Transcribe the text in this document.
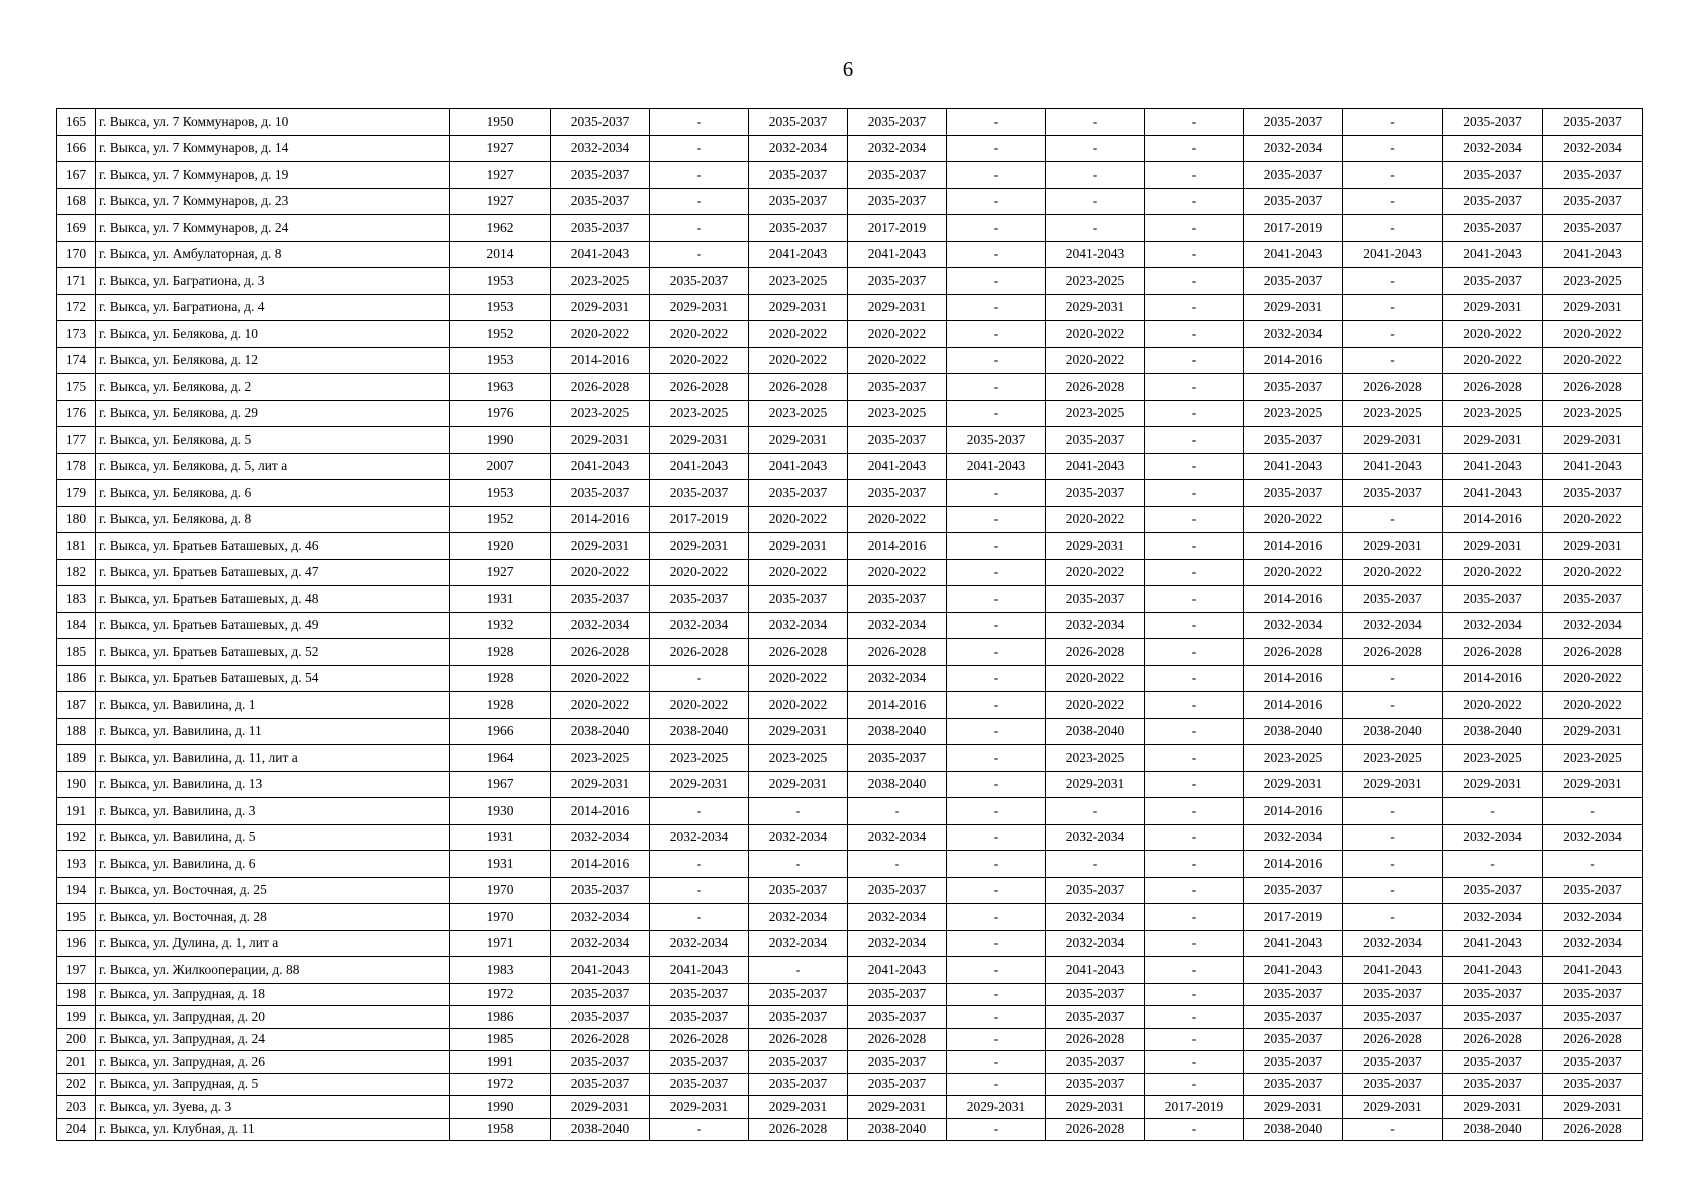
6
165	г. Выкса, ул. 7 Коммунаров, д. 10	1950	2035-2037	-	2035-2037	2035-2037	-	-	-	2035-2037	-	2035-2037	2035-2037
166	г. Выкса, ул. 7 Коммунаров, д. 14	1927	2032-2034	-	2032-2034	2032-2034	-	-	-	2032-2034	-	2032-2034	2032-2034
167	г. Выкса, ул. 7 Коммунаров, д. 19	1927	2035-2037	-	2035-2037	2035-2037	-	-	-	2035-2037	-	2035-2037	2035-2037
168	г. Выкса, ул. 7 Коммунаров, д. 23	1927	2035-2037	-	2035-2037	2035-2037	-	-	-	2035-2037	-	2035-2037	2035-2037
169	г. Выкса, ул. 7 Коммунаров, д. 24	1962	2035-2037	-	2035-2037	2017-2019	-	-	-	2017-2019	-	2035-2037	2035-2037
170	г. Выкса, ул. Амбулаторная, д. 8	2014	2041-2043	-	2041-2043	2041-2043	-	2041-2043	-	2041-2043	2041-2043	2041-2043	2041-2043
171	г. Выкса, ул. Багратиона, д. 3	1953	2023-2025	2035-2037	2023-2025	2035-2037	-	2023-2025	-	2035-2037	-	2035-2037	2023-2025
172	г. Выкса, ул. Багратиона, д. 4	1953	2029-2031	2029-2031	2029-2031	2029-2031	-	2029-2031	-	2029-2031	-	2029-2031	2029-2031
173	г. Выкса, ул. Белякова, д. 10	1952	2020-2022	2020-2022	2020-2022	2020-2022	-	2020-2022	-	2032-2034	-	2020-2022	2020-2022
174	г. Выкса, ул. Белякова, д. 12	1953	2014-2016	2020-2022	2020-2022	2020-2022	-	2020-2022	-	2014-2016	-	2020-2022	2020-2022
175	г. Выкса, ул. Белякова, д. 2	1963	2026-2028	2026-2028	2026-2028	2035-2037	-	2026-2028	-	2035-2037	2026-2028	2026-2028	2026-2028
176	г. Выкса, ул. Белякова, д. 29	1976	2023-2025	2023-2025	2023-2025	2023-2025	-	2023-2025	-	2023-2025	2023-2025	2023-2025	2023-2025
177	г. Выкса, ул. Белякова, д. 5	1990	2029-2031	2029-2031	2029-2031	2035-2037	2035-2037	2035-2037	-	2035-2037	2029-2031	2029-2031	2029-2031
178	г. Выкса, ул. Белякова, д. 5, лит а	2007	2041-2043	2041-2043	2041-2043	2041-2043	2041-2043	2041-2043	-	2041-2043	2041-2043	2041-2043	2041-2043
179	г. Выкса, ул. Белякова, д. 6	1953	2035-2037	2035-2037	2035-2037	2035-2037	-	2035-2037	-	2035-2037	2035-2037	2041-2043	2035-2037
180	г. Выкса, ул. Белякова, д. 8	1952	2014-2016	2017-2019	2020-2022	2020-2022	-	2020-2022	-	2020-2022	-	2014-2016	2020-2022
181	г. Выкса, ул. Братьев Баташевых, д. 46	1920	2029-2031	2029-2031	2029-2031	2014-2016	-	2029-2031	-	2014-2016	2029-2031	2029-2031	2029-2031
182	г. Выкса, ул. Братьев Баташевых, д. 47	1927	2020-2022	2020-2022	2020-2022	2020-2022	-	2020-2022	-	2020-2022	2020-2022	2020-2022	2020-2022
183	г. Выкса, ул. Братьев Баташевых, д. 48	1931	2035-2037	2035-2037	2035-2037	2035-2037	-	2035-2037	-	2014-2016	2035-2037	2035-2037	2035-2037
184	г. Выкса, ул. Братьев Баташевых, д. 49	1932	2032-2034	2032-2034	2032-2034	2032-2034	-	2032-2034	-	2032-2034	2032-2034	2032-2034	2032-2034
185	г. Выкса, ул. Братьев Баташевых, д. 52	1928	2026-2028	2026-2028	2026-2028	2026-2028	-	2026-2028	-	2026-2028	2026-2028	2026-2028	2026-2028
186	г. Выкса, ул. Братьев Баташевых, д. 54	1928	2020-2022	-	2020-2022	2032-2034	-	2020-2022	-	2014-2016	-	2014-2016	2020-2022
187	г. Выкса, ул. Вавилина, д. 1	1928	2020-2022	2020-2022	2020-2022	2014-2016	-	2020-2022	-	2014-2016	-	2020-2022	2020-2022
188	г. Выкса, ул. Вавилина, д. 11	1966	2038-2040	2038-2040	2029-2031	2038-2040	-	2038-2040	-	2038-2040	2038-2040	2038-2040	2029-2031
189	г. Выкса, ул. Вавилина, д. 11, лит а	1964	2023-2025	2023-2025	2023-2025	2035-2037	-	2023-2025	-	2023-2025	2023-2025	2023-2025	2023-2025
190	г. Выкса, ул. Вавилина, д. 13	1967	2029-2031	2029-2031	2029-2031	2038-2040	-	2029-2031	-	2029-2031	2029-2031	2029-2031	2029-2031
191	г. Выкса, ул. Вавилина, д. 3	1930	2014-2016	-	-	-	-	-	-	2014-2016	-	-	-
192	г. Выкса, ул. Вавилина, д. 5	1931	2032-2034	2032-2034	2032-2034	2032-2034	-	2032-2034	-	2032-2034	-	2032-2034	2032-2034
193	г. Выкса, ул. Вавилина, д. 6	1931	2014-2016	-	-	-	-	-	-	2014-2016	-	-	-
194	г. Выкса, ул. Восточная, д. 25	1970	2035-2037	-	2035-2037	2035-2037	-	2035-2037	-	2035-2037	-	2035-2037	2035-2037
195	г. Выкса, ул. Восточная, д. 28	1970	2032-2034	-	2032-2034	2032-2034	-	2032-2034	-	2017-2019	-	2032-2034	2032-2034
196	г. Выкса, ул. Дулина, д. 1, лит а	1971	2032-2034	2032-2034	2032-2034	2032-2034	-	2032-2034	-	2041-2043	2032-2034	2041-2043	2032-2034
197	г. Выкса, ул. Жилкооперации, д. 88	1983	2041-2043	2041-2043	-	2041-2043	-	2041-2043	-	2041-2043	2041-2043	2041-2043	2041-2043
198	г. Выкса, ул. Запрудная, д. 18	1972	2035-2037	2035-2037	2035-2037	2035-2037	-	2035-2037	-	2035-2037	2035-2037	2035-2037	2035-2037
199	г. Выкса, ул. Запрудная, д. 20	1986	2035-2037	2035-2037	2035-2037	2035-2037	-	2035-2037	-	2035-2037	2035-2037	2035-2037	2035-2037
200	г. Выкса, ул. Запрудная, д. 24	1985	2026-2028	2026-2028	2026-2028	2026-2028	-	2026-2028	-	2035-2037	2026-2028	2026-2028	2026-2028
201	г. Выкса, ул. Запрудная, д. 26	1991	2035-2037	2035-2037	2035-2037	2035-2037	-	2035-2037	-	2035-2037	2035-2037	2035-2037	2035-2037
202	г. Выкса, ул. Запрудная, д. 5	1972	2035-2037	2035-2037	2035-2037	2035-2037	-	2035-2037	-	2035-2037	2035-2037	2035-2037	2035-2037
203	г. Выкса, ул. Зуева, д. 3	1990	2029-2031	2029-2031	2029-2031	2029-2031	2029-2031	2029-2031	2017-2019	2029-2031	2029-2031	2029-2031	2029-2031
204	г. Выкса, ул. Клубная, д. 11	1958	2038-2040	-	2026-2028	2038-2040	-	2026-2028	-	2038-2040	-	2038-2040	2026-2028
